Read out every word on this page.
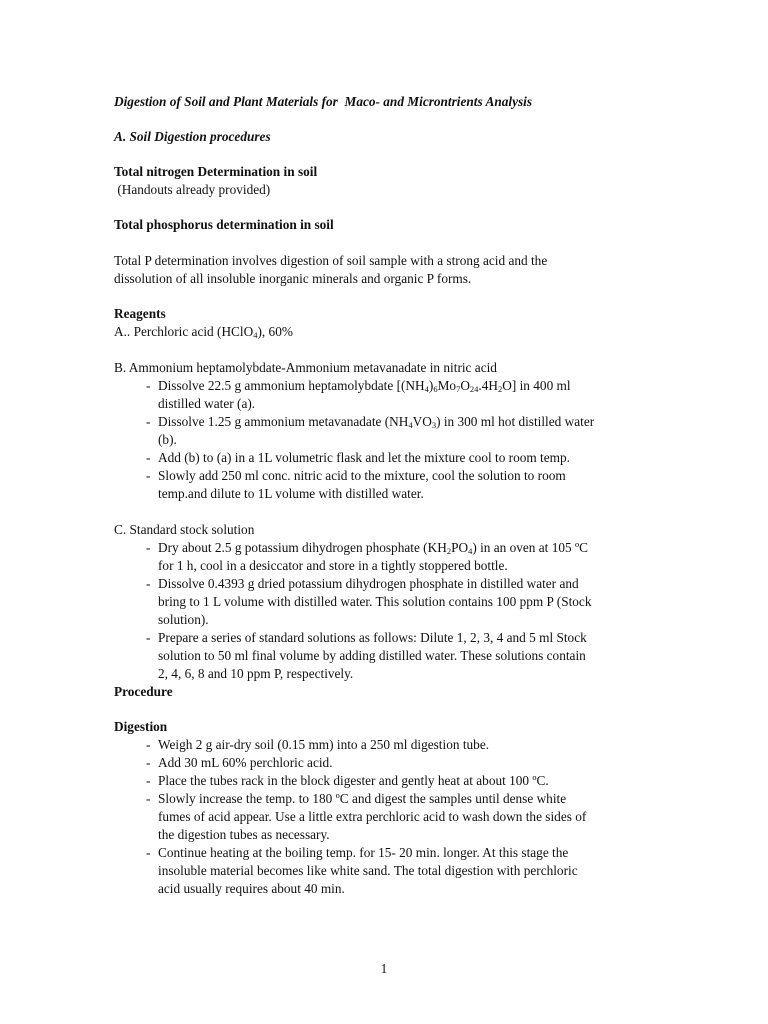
Digestion of Soil and Plant Materials for  Maco- and Microntrients Analysis

A. Soil Digestion procedures

Total nitrogen Determination in soil

(Handouts already provided)

Total phosphorus determination in soil

Total P determination involves digestion of soil sample with a strong acid and the

dissolution of all insoluble inorganic minerals and organic P forms.

Reagents

A.. Perchloric acid (HClO$_4$), 60%

B. Ammonium heptamolybdate-Ammonium metavanadate in nitric acid

- Dissolve 22.5 g ammonium heptamolybdate $[(NH_4)_6Mo_7O_{24}.4H_2O]$ in 400 ml
distilled water (a).
- Dissolve 1.25 g ammonium metavanadate $(NH_4VO_3)$ in 300 ml hot distilled water
(b).
- Add (b) to (a) in a 1L volumetric flask and let the mixture cool to room temp.
- Slowly add 250 ml conc. nitric acid to the mixture, cool the solution to room
temp.and dilute to 1L volume with distilled water.

C. Standard stock solution

- Dry about 2.5 g potassium dihydrogen phosphate $(KH_2PO_4)$ in an oven at 105 ºC
for 1 h, cool in a desiccator and store in a tightly stoppered bottle.
- Dissolve 0.4393 g dried potassium dihydrogen phosphate in distilled water and
bring to 1 L volume with distilled water. This solution contains 100 ppm P (Stock
solution).
- Prepare a series of standard solutions as follows: Dilute 1, 2, 3, 4 and 5 ml Stock
solution to 50 ml final volume by adding distilled water. These solutions contain
2, 4, 6, 8 and 10 ppm P, respectively.

Procedure

Digestion

- Weigh 2 g air-dry soil (0.15 mm) into a 250 ml digestion tube.
- Add 30 mL 60% perchloric acid.
- Place the tubes rack in the block digester and gently heat at about 100 ºC.
- Slowly increase the temp. to 180 ºC and digest the samples until dense white
fumes of acid appear. Use a little extra perchloric acid to wash down the sides of
the digestion tubes as necessary.
- Continue heating at the boiling temp. for 15- 20 min. longer. At this stage the
insoluble material becomes like white sand. The total digestion with perchloric
acid usually requires about 40 min.
1
